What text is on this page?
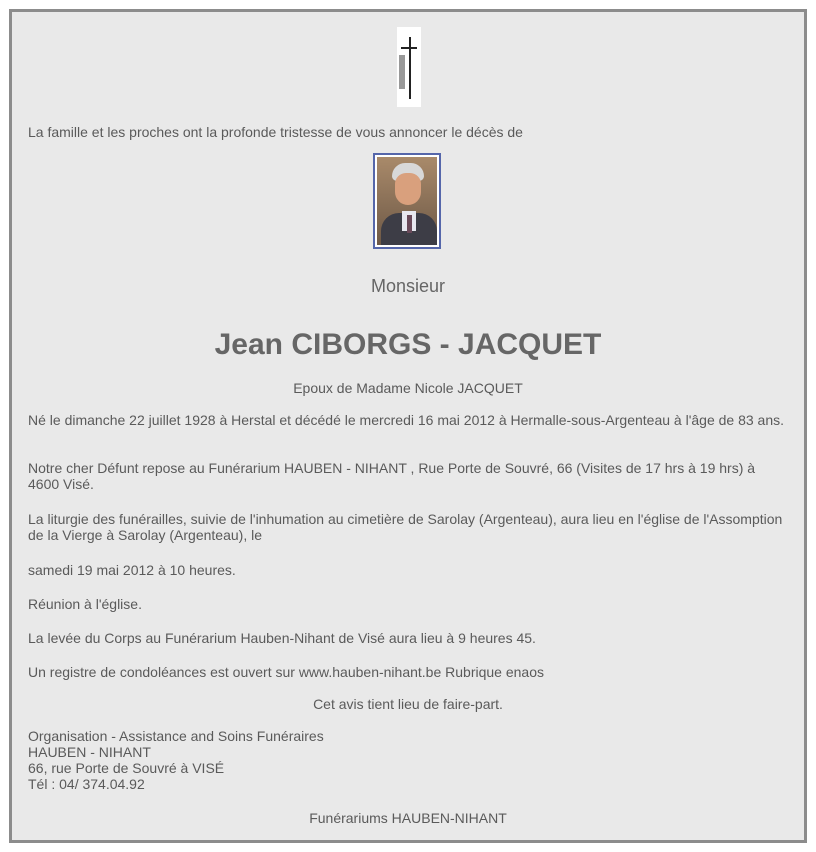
La famille et les proches ont la profonde tristesse de vous annoncer le décès de

Monsieur
Jean CIBORGS - JACQUET

Epoux de Madame Nicole JACQUET

Né le dimanche 22 juillet 1928 à Herstal et décédé le mercredi 16 mai 2012 à Hermalle-sous-Argenteau à l'âge de 83 ans.

Notre cher Défunt repose au Funérarium HAUBEN - NIHANT , Rue Porte de Souvré, 66 (Visites de 17 hrs à 19 hrs) à 4600 Visé.

La liturgie des funérailles, suivie de l'inhumation au cimetière de Sarolay (Argenteau), aura lieu en l'église de l'Assomption de la Vierge à Sarolay (Argenteau), le

samedi 19 mai 2012 à 10 heures.

Réunion à l'église.

La levée du Corps au Funérarium Hauben-Nihant de Visé aura lieu à 9 heures 45.

Un registre de condoléances est ouvert sur www.hauben-nihant.be Rubrique enaos

Cet avis tient lieu de faire-part.

Organisation - Assistance and Soins Funéraires
HAUBEN - NIHANT
66, rue Porte de Souvré à VISÉ
Tél : 04/ 374.04.92

Funérariums HAUBEN-NIHANT
